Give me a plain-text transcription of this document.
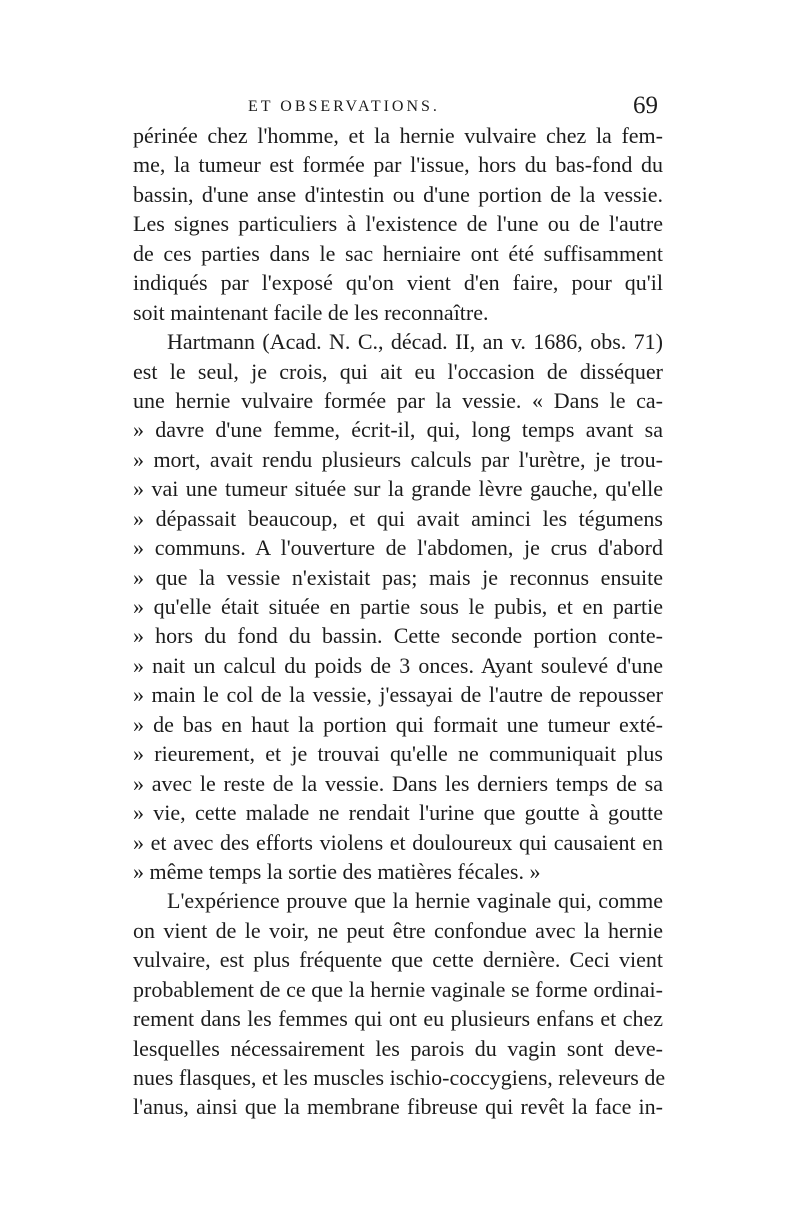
ET OBSERVATIONS.	69
périnée chez l'homme, et la hernie vulvaire chez la fem-
me, la tumeur est formée par l'issue, hors du bas-fond du
bassin, d'une anse d'intestin ou d'une portion de la vessie.
Les signes particuliers à l'existence de l'une ou de l'autre
de ces parties dans le sac herniaire ont été suffisamment
indiqués par l'exposé qu'on vient d'en faire, pour qu'il
soit maintenant facile de les reconnaître.
Hartmann (Acad. N. C., décad. II, an v. 1686, obs. 71)
est le seul, je crois, qui ait eu l'occasion de disséquer
une hernie vulvaire formée par la vessie. « Dans le ca-
» davre d'une femme, écrit-il, qui, long temps avant sa
» mort, avait rendu plusieurs calculs par l'urètre, je trou-
» vai une tumeur située sur la grande lèvre gauche, qu'elle
» dépassait beaucoup, et qui avait aminci les tégumens
» communs. A l'ouverture de l'abdomen, je crus d'abord
» que la vessie n'existait pas; mais je reconnus ensuite
» qu'elle était située en partie sous le pubis, et en partie
» hors du fond du bassin. Cette seconde portion conte-
» nait un calcul du poids de 3 onces. Ayant soulevé d'une
» main le col de la vessie, j'essayai de l'autre de repousser
» de bas en haut la portion qui formait une tumeur exté-
» rieurement, et je trouvai qu'elle ne communiquait plus
» avec le reste de la vessie. Dans les derniers temps de sa
» vie, cette malade ne rendait l'urine que goutte à goutte
» et avec des efforts violens et douloureux qui causaient en
» même temps la sortie des matières fécales. »
L'expérience prouve que la hernie vaginale qui, comme
on vient de le voir, ne peut être confondue avec la hernie
vulvaire, est plus fréquente que cette dernière. Ceci vient
probablement de ce que la hernie vaginale se forme ordinai-
rement dans les femmes qui ont eu plusieurs enfans et chez
lesquelles nécessairement les parois du vagin sont deve-
nues flasques, et les muscles ischio-coccygiens, releveurs de
l'anus, ainsi que la membrane fibreuse qui revêt la face in-
